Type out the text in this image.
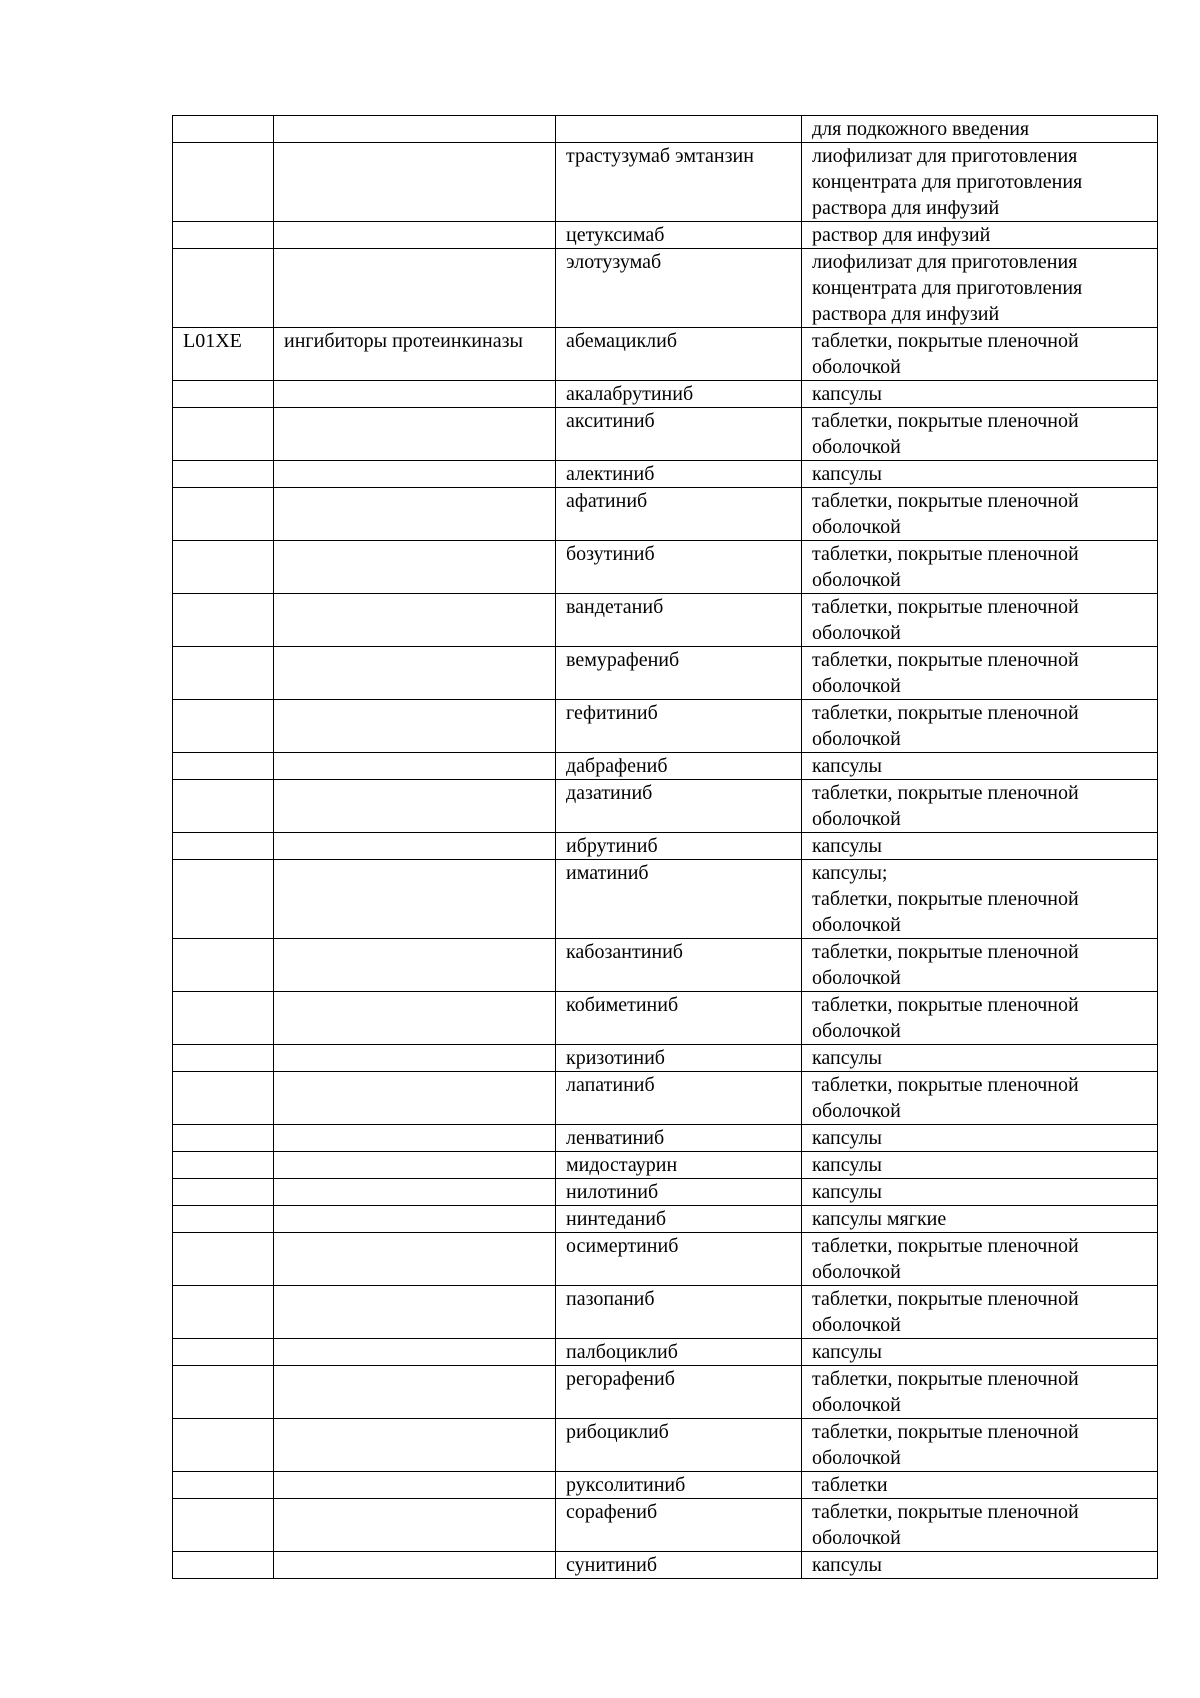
			для подкожного введения
		трастузумаб эмтанзин	лиофилизат для приготовления концентрата для приготовления раствора для инфузий
		цетуксимаб	раствор для инфузий
		элотузумаб	лиофилизат для приготовления концентрата для приготовления раствора для инфузий
L01XE	ингибиторы протеинкиназы	абемациклиб	таблетки, покрытые пленочной оболочкой
		акалабрутиниб	капсулы
		акситиниб	таблетки, покрытые пленочной оболочкой
		алектиниб	капсулы
		афатиниб	таблетки, покрытые пленочной оболочкой
		бозутиниб	таблетки, покрытые пленочной оболочкой
		вандетаниб	таблетки, покрытые пленочной оболочкой
		вемурафениб	таблетки, покрытые пленочной оболочкой
		гефитиниб	таблетки, покрытые пленочной оболочкой
		дабрафениб	капсулы
		дазатиниб	таблетки, покрытые пленочной оболочкой
		ибрутиниб	капсулы
		иматиниб	капсулы;
таблетки, покрытые пленочной оболочкой
		кабозантиниб	таблетки, покрытые пленочной оболочкой
		кобиметиниб	таблетки, покрытые пленочной оболочкой
		кризотиниб	капсулы
		лапатиниб	таблетки, покрытые пленочной оболочкой
		ленватиниб	капсулы
		мидостаурин	капсулы
		нилотиниб	капсулы
		нинтеданиб	капсулы мягкие
		осимертиниб	таблетки, покрытые пленочной оболочкой
		пазопаниб	таблетки, покрытые пленочной оболочкой
		палбоциклиб	капсулы
		регорафениб	таблетки, покрытые пленочной оболочкой
		рибоциклиб	таблетки, покрытые пленочной оболочкой
		руксолитиниб	таблетки
		сорафениб	таблетки, покрытые пленочной оболочкой
		сунитиниб	капсулы
